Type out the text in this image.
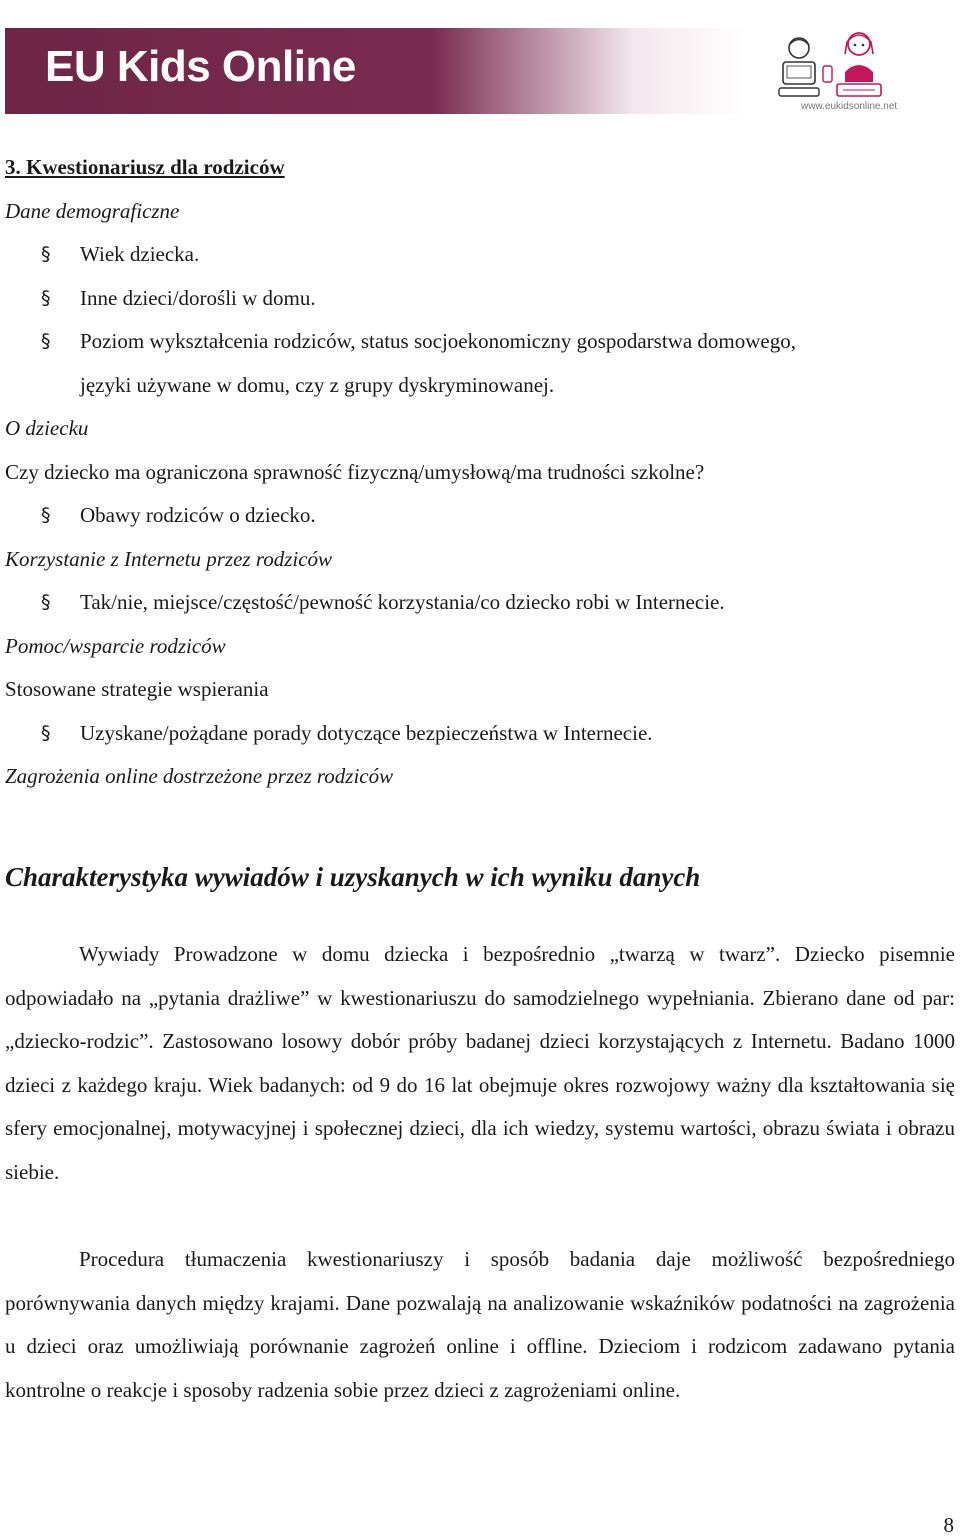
EU Kids Online
www.eukidsonline.net
3. Kwestionariusz dla rodziców
Dane demograficzne
§ Wiek dziecka.
§ Inne dzieci/dorośli w domu.
§ Poziom wykształcenia rodziców, status socjoekonomiczny gospodarstwa domowego,
języki używane w domu, czy z grupy dyskryminowanej.
O dziecku
Czy dziecko ma ograniczona sprawność fizyczną/umysłową/ma trudności szkolne?
§ Obawy rodziców o dziecko.
Korzystanie z Internetu przez rodziców
§ Tak/nie, miejsce/częstość/pewność korzystania/co dziecko robi w Internecie.
Pomoc/wsparcie rodziców
Stosowane strategie wspierania
§ Uzyskane/pożądane porady dotyczące bezpieczeństwa w Internecie.
Zagrożenia online dostrzeżone przez rodziców
Charakterystyka wywiadów i uzyskanych w ich wyniku danych

Wywiady Prowadzone w domu dziecka i bezpośrednio „twarzą w twarz”. Dziecko pisemnie odpowiadało na „pytania drażliwe” w kwestionariuszu do samodzielnego wypełniania. Zbierano dane od par: „dziecko-rodzic”. Zastosowano losowy dobór próby badanej dzieci korzystających z Internetu. Badano 1000 dzieci z każdego kraju. Wiek badanych: od 9 do 16 lat obejmuje okres rozwojowy ważny dla kształtowania się sfery emocjonalnej, motywacyjnej i społecznej dzieci, dla ich wiedzy, systemu wartości, obrazu świata i obrazu siebie.

Procedura tłumaczenia kwestionariuszy i sposób badania daje możliwość bezpośredniego porównywania danych między krajami. Dane pozwalają na analizowanie wskaźników podatności na zagrożenia u dzieci oraz umożliwiają porównanie zagrożeń online i offline. Dzieciom i rodzicom zadawano pytania kontrolne o reakcje i sposoby radzenia sobie przez dzieci z zagrożeniami online.

8
